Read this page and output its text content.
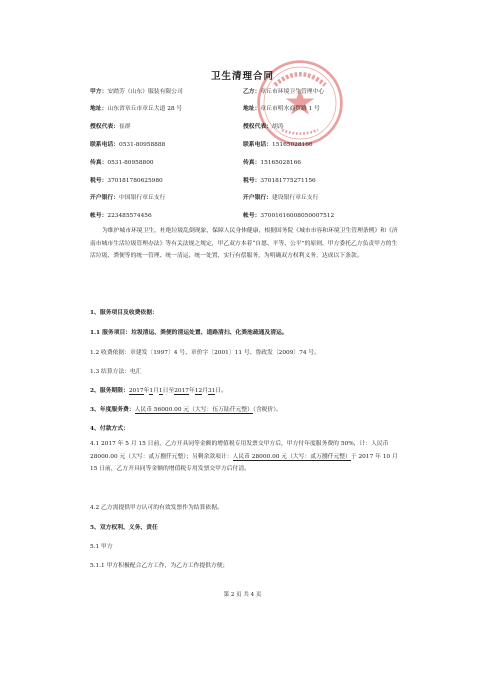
卫生清理合同
甲方：安踏芳（山东）服装有限公司
地址：山东省章丘市章丘大道 28 号
授权代表：崔群
联系电话：0531-80958888
传真：0531-80958800
税号：370181780625980
开户银行：中国银行章丘支行
帐号：223485574456
乙方：章丘市环境卫生管理中心
地址：章丘市明水商贸路 1 号
授权代表：胡涛
联系电话：15165028166
传真：15165028166
税号：370181775271156
开户银行：建设银行章丘支行
帐号：37001616008050007512
为维护城市环境卫生，杜绝垃圾乱倒现象，保障人民身体健康，根据国务院《城市市容和环境卫生管理条例》和《济南市城市生活垃圾管理办法》等有关法规之规定，甲乙双方本着“自愿、平等、公平”的原则，甲方委托乙方负责甲方的生活垃圾、粪便等的统一管理、统一清运、统一处置，实行有偿服务，为明确双方权利义务，达成以下条款。
1、服务项目及收费依据：
1.1 服务项目：垃圾清运、粪便的清运处置、道路清扫、化粪池疏通及清运。
1.2 收费依据：章建发〔1997〕4 号、章价字〔2001〕11 号、鲁政发〔2009〕74 号。
1.3 结算方法：电汇
2、服务期限：2017年1月1日至2017年12月31日。
3、年度服务费：人民币 56000.00 元（大写：伍万陆仟元整）（含税价）。
4、付款方式：
4.1 2017 年 5 月 15 日前，乙方开具同等金额的增值税专用发票交甲方后，甲方付年度服务费的 50%，计：人民币 28000.00 元（大写：贰万捌仟元整）；另剩余款项计：人民币 28000.00 元（大写：贰万捌仟元整）于 2017 年 10 月 15 日前，乙方开具同等金额的增值税专用发票交甲方后付清。
4.2 乙方需提供甲方认可的有效发票作为结算依据。
5、双方权利、义务、责任
5.1 甲方
5.1.1 甲方积极配合乙方工作，为乙方工作提供方便；
第 2 页 共 4 页
